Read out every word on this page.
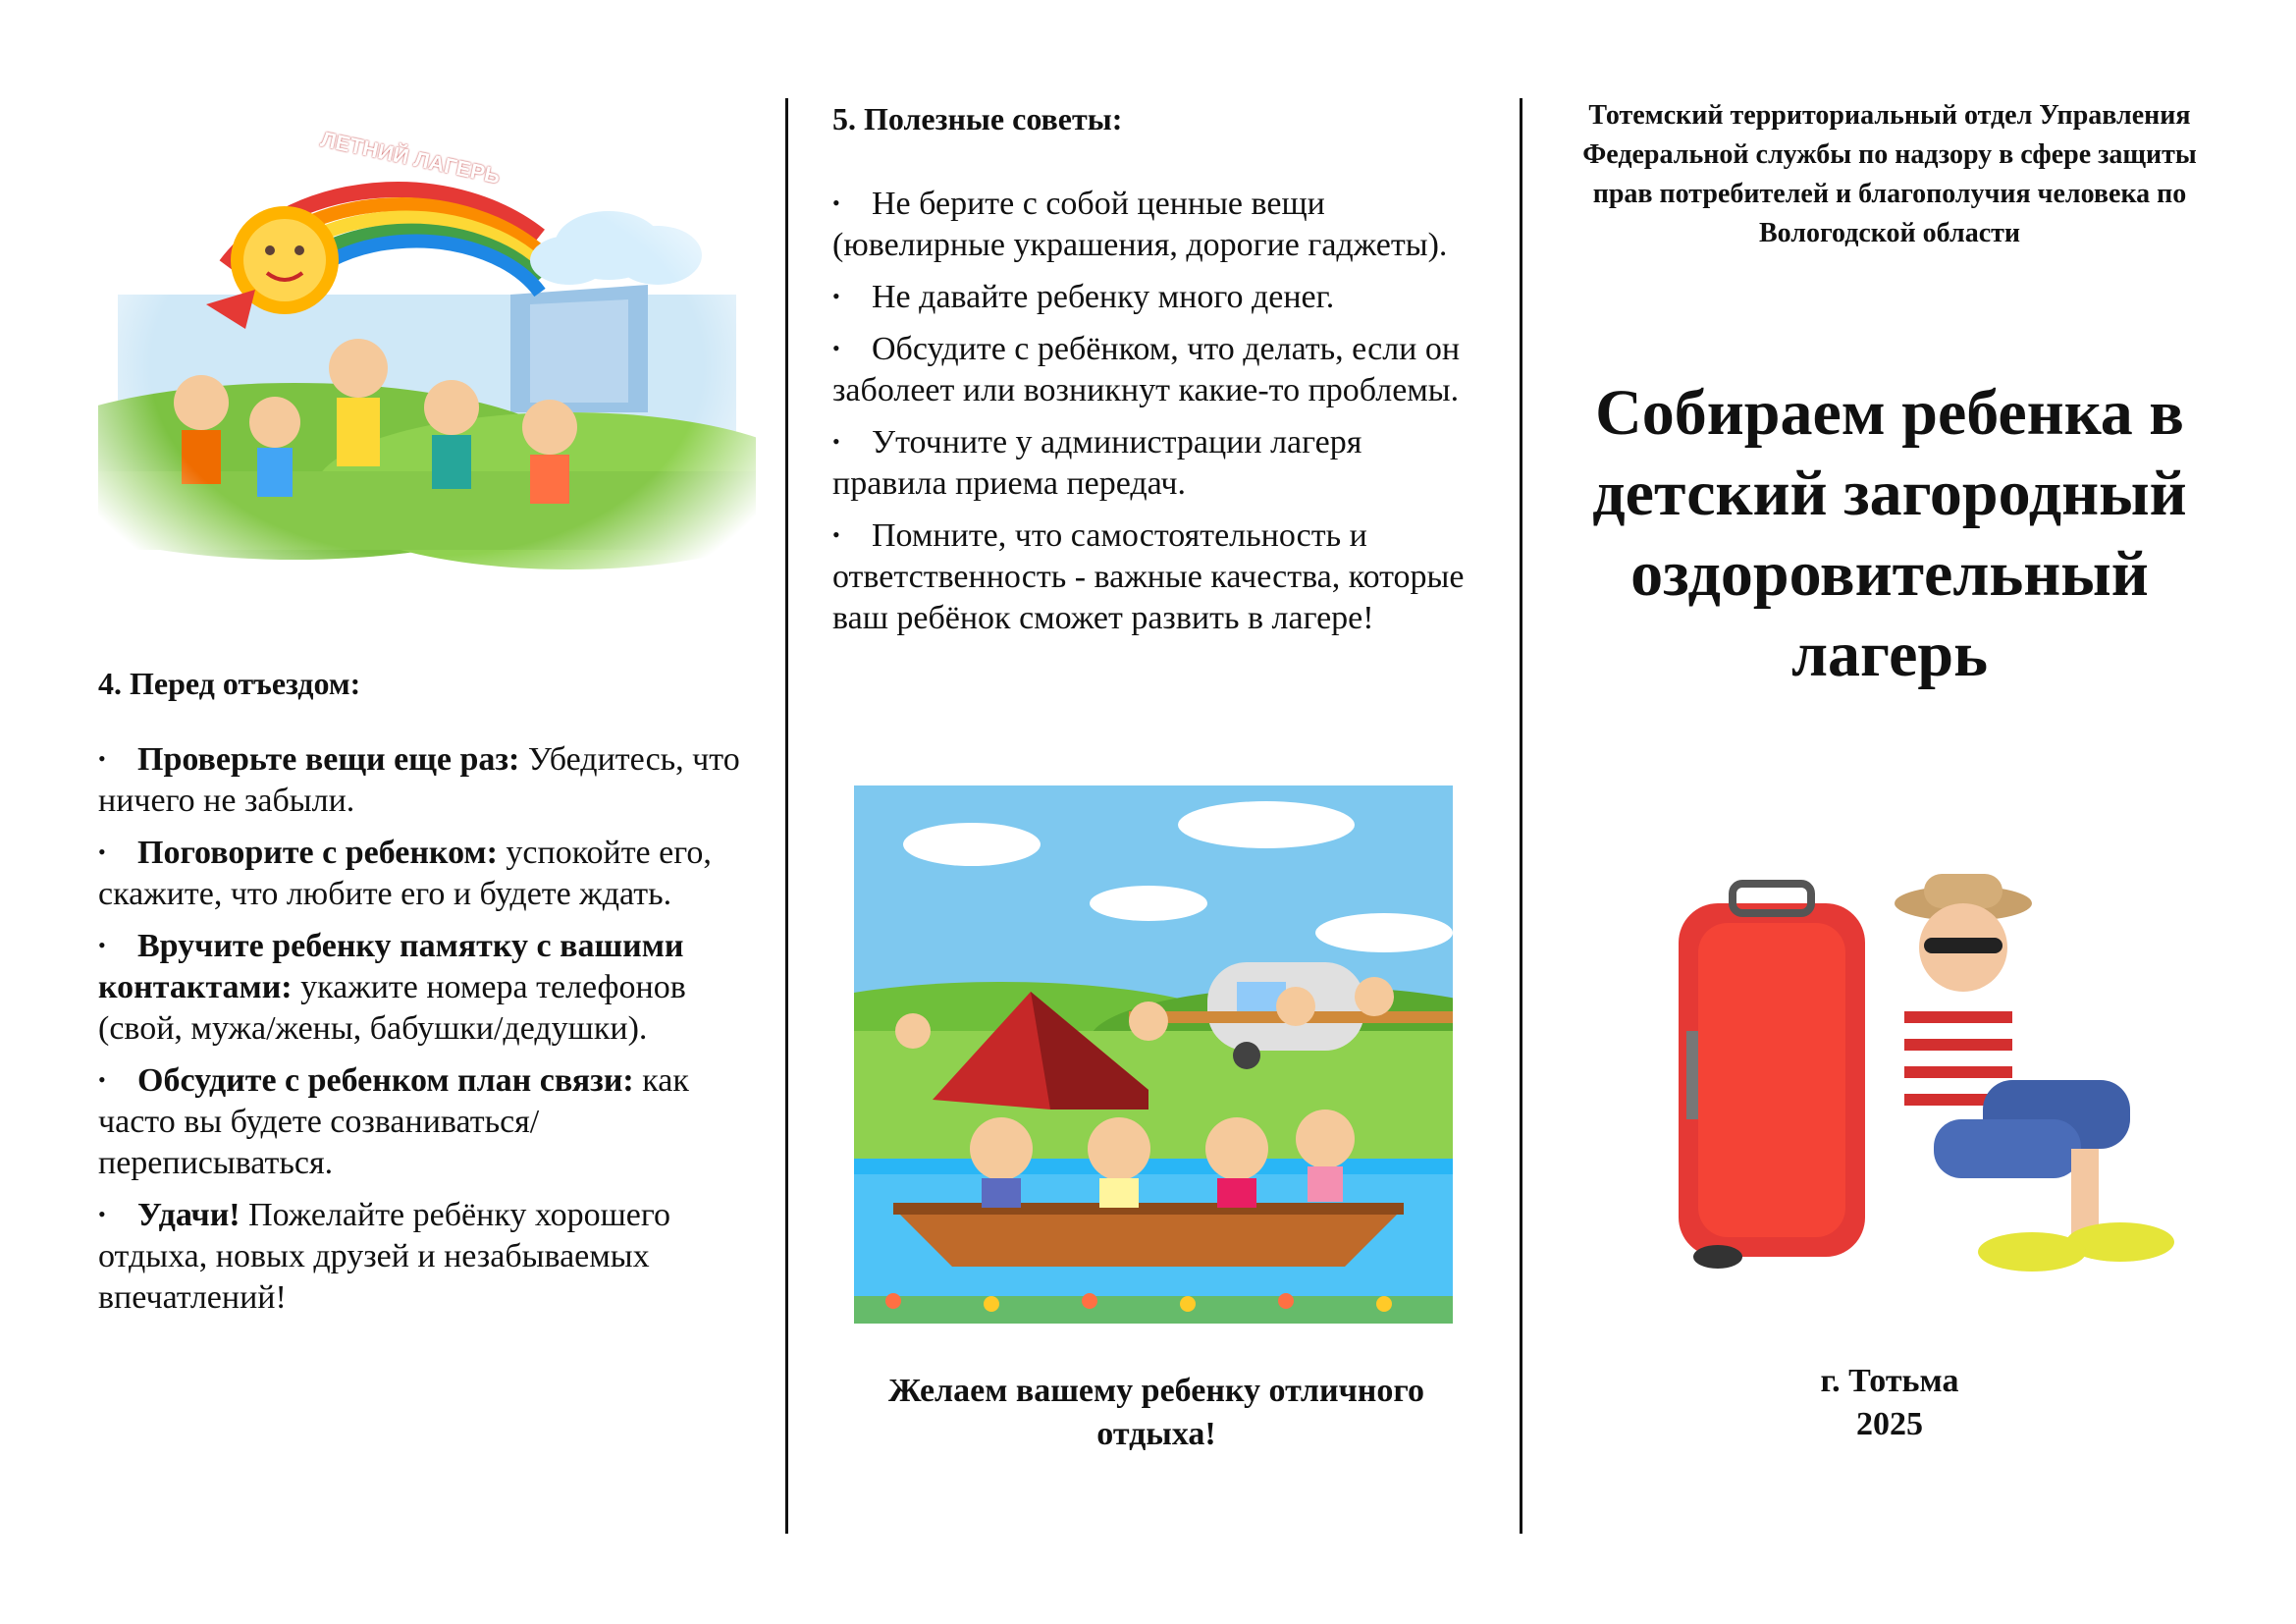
ЛЕТНИЙ ЛАГЕРЬ

4. Перед отъездом:

• Проверьте вещи еще раз: Убедитесь, что ничего не забыли.
• Поговорите с ребенком: успокойте его, скажите, что любите его и будете ждать.
• Вручите ребенку памятку с вашими контактами: укажите номера телефонов (свой, мужа/жены, бабушки/дедушки).
• Обсудите с ребенком план связи: как часто вы будете созваниваться/ переписываться.
• Удачи! Пожелайте ребёнку хорошего отдыха, новых друзей и незабываемых впечатлений!

5. Полезные советы:

• Не берите с собой ценные вещи (ювелирные украшения, дорогие гаджеты).
• Не давайте ребенку много денег.
• Обсудите с ребёнком, что делать, если он заболеет или возникнут какие-то проблемы.
• Уточните у администрации лагеря правила приема передач.
• Помните, что самостоятельность и ответственность - важные качества, которые ваш ребёнок сможет развить в лагере!

Желаем вашему ребенку отличного отдыха!

Тотемский территориальный отдел Управления Федеральной службы по надзору в сфере защиты прав потребителей и благополучия человека по Вологодской области

Собираем ребенка в детский загородный оздоровительный лагерь

г. Тотьма
2025
